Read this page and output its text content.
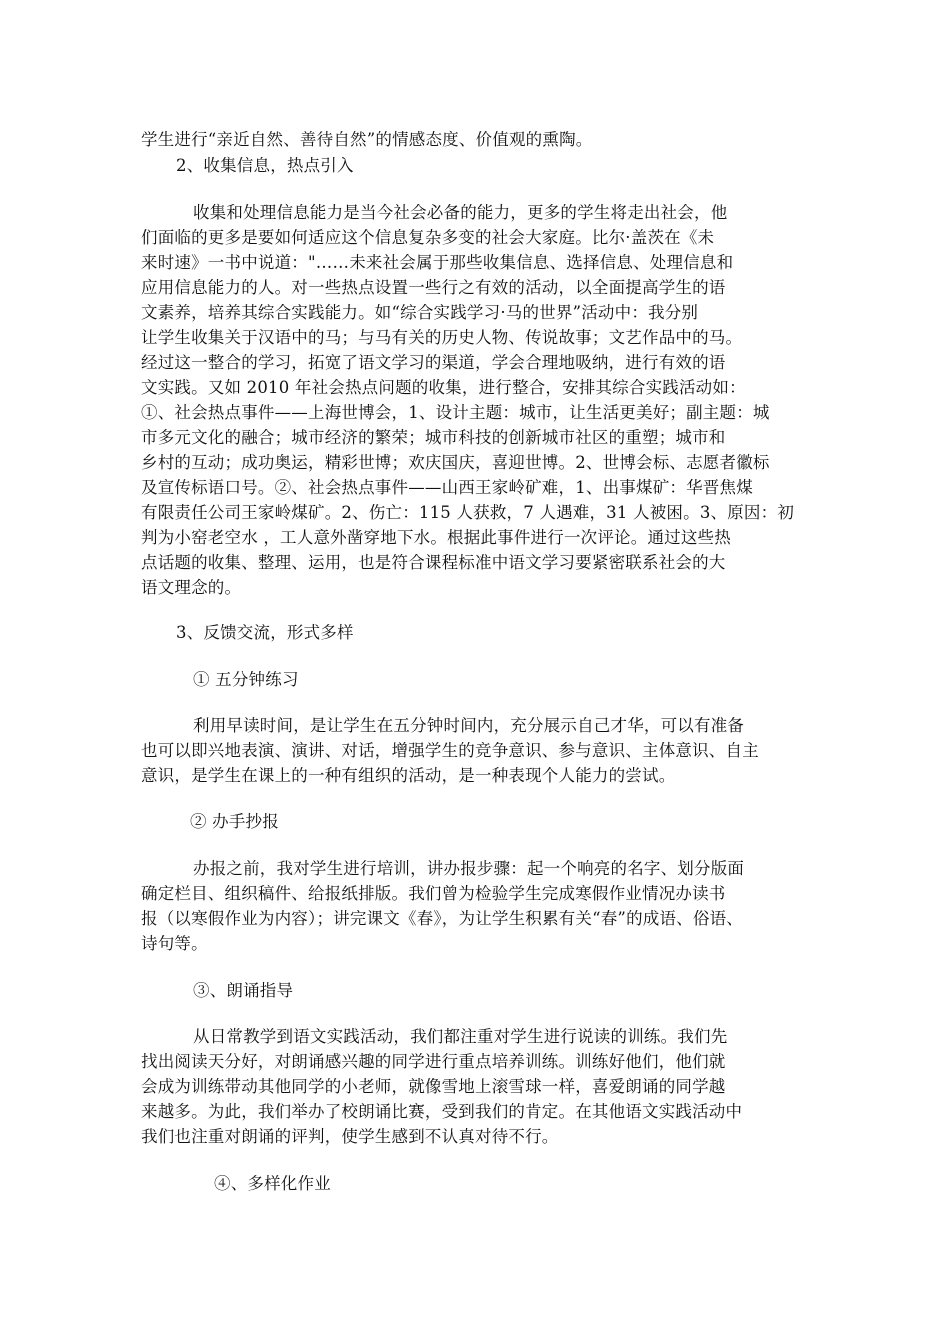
学生进行“亲近自然、善待自然”的情感态度、价值观的熏陶。
2、收集信息，热点引入
收集和处理信息能力是当今社会必备的能力，更多的学生将走出社会，他
们面临的更多是要如何适应这个信息复杂多变的社会大家庭。比尔·盖茨在《未
来时速》一书中说道："……未来社会属于那些收集信息、选择信息、处理信息和
应用信息能力的人。对一些热点设置一些行之有效的活动，以全面提高学生的语
文素养，培养其综合实践能力。如“综合实践学习·马的世界”活动中：我分别
让学生收集关于汉语中的马；与马有关的历史人物、传说故事；文艺作品中的马。
经过这一整合的学习，拓宽了语文学习的渠道，学会合理地吸纳，进行有效的语
文实践。又如 2010 年社会热点问题的收集，进行整合，安排其综合实践活动如：
①、社会热点事件——上海世博会，1、设计主题：城市，让生活更美好；副主题：城
市多元文化的融合；城市经济的繁荣；城市科技的创新城市社区的重塑；城市和
乡村的互动；成功奥运，精彩世博；欢庆国庆，喜迎世博。2、世博会标、志愿者徽标
及宣传标语口号。②、社会热点事件——山西王家岭矿难，1、出事煤矿：华晋焦煤
有限责任公司王家岭煤矿。2、伤亡：115 人获救，7 人遇难，31 人被困。3、原因：初
判为小窑老空水 ，工人意外凿穿地下水。根据此事件进行一次评论。通过这些热
点话题的收集、整理、运用，也是符合课程标准中语文学习要紧密联系社会的大
语文理念的。
3、反馈交流，形式多样
① 五分钟练习
利用早读时间，是让学生在五分钟时间内，充分展示自己才华，可以有准备
也可以即兴地表演、演讲、对话，增强学生的竞争意识、参与意识、主体意识、自主
意识，是学生在课上的一种有组织的活动，是一种表现个人能力的尝试。
② 办手抄报
办报之前，我对学生进行培训，讲办报步骤：起一个响亮的名字、划分版面
确定栏目、组织稿件、给报纸排版。我们曾为检验学生完成寒假作业情况办读书
报（以寒假作业为内容）；讲完课文《春》，为让学生积累有关“春”的成语、俗语、
诗句等。
③、朗诵指导
从日常教学到语文实践活动，我们都注重对学生进行说读的训练。我们先
找出阅读天分好，对朗诵感兴趣的同学进行重点培养训练。训练好他们，他们就
会成为训练带动其他同学的小老师，就像雪地上滚雪球一样，喜爱朗诵的同学越
来越多。为此，我们举办了校朗诵比赛，受到我们的肯定。在其他语文实践活动中
我们也注重对朗诵的评判，使学生感到不认真对待不行。
④、多样化作业
